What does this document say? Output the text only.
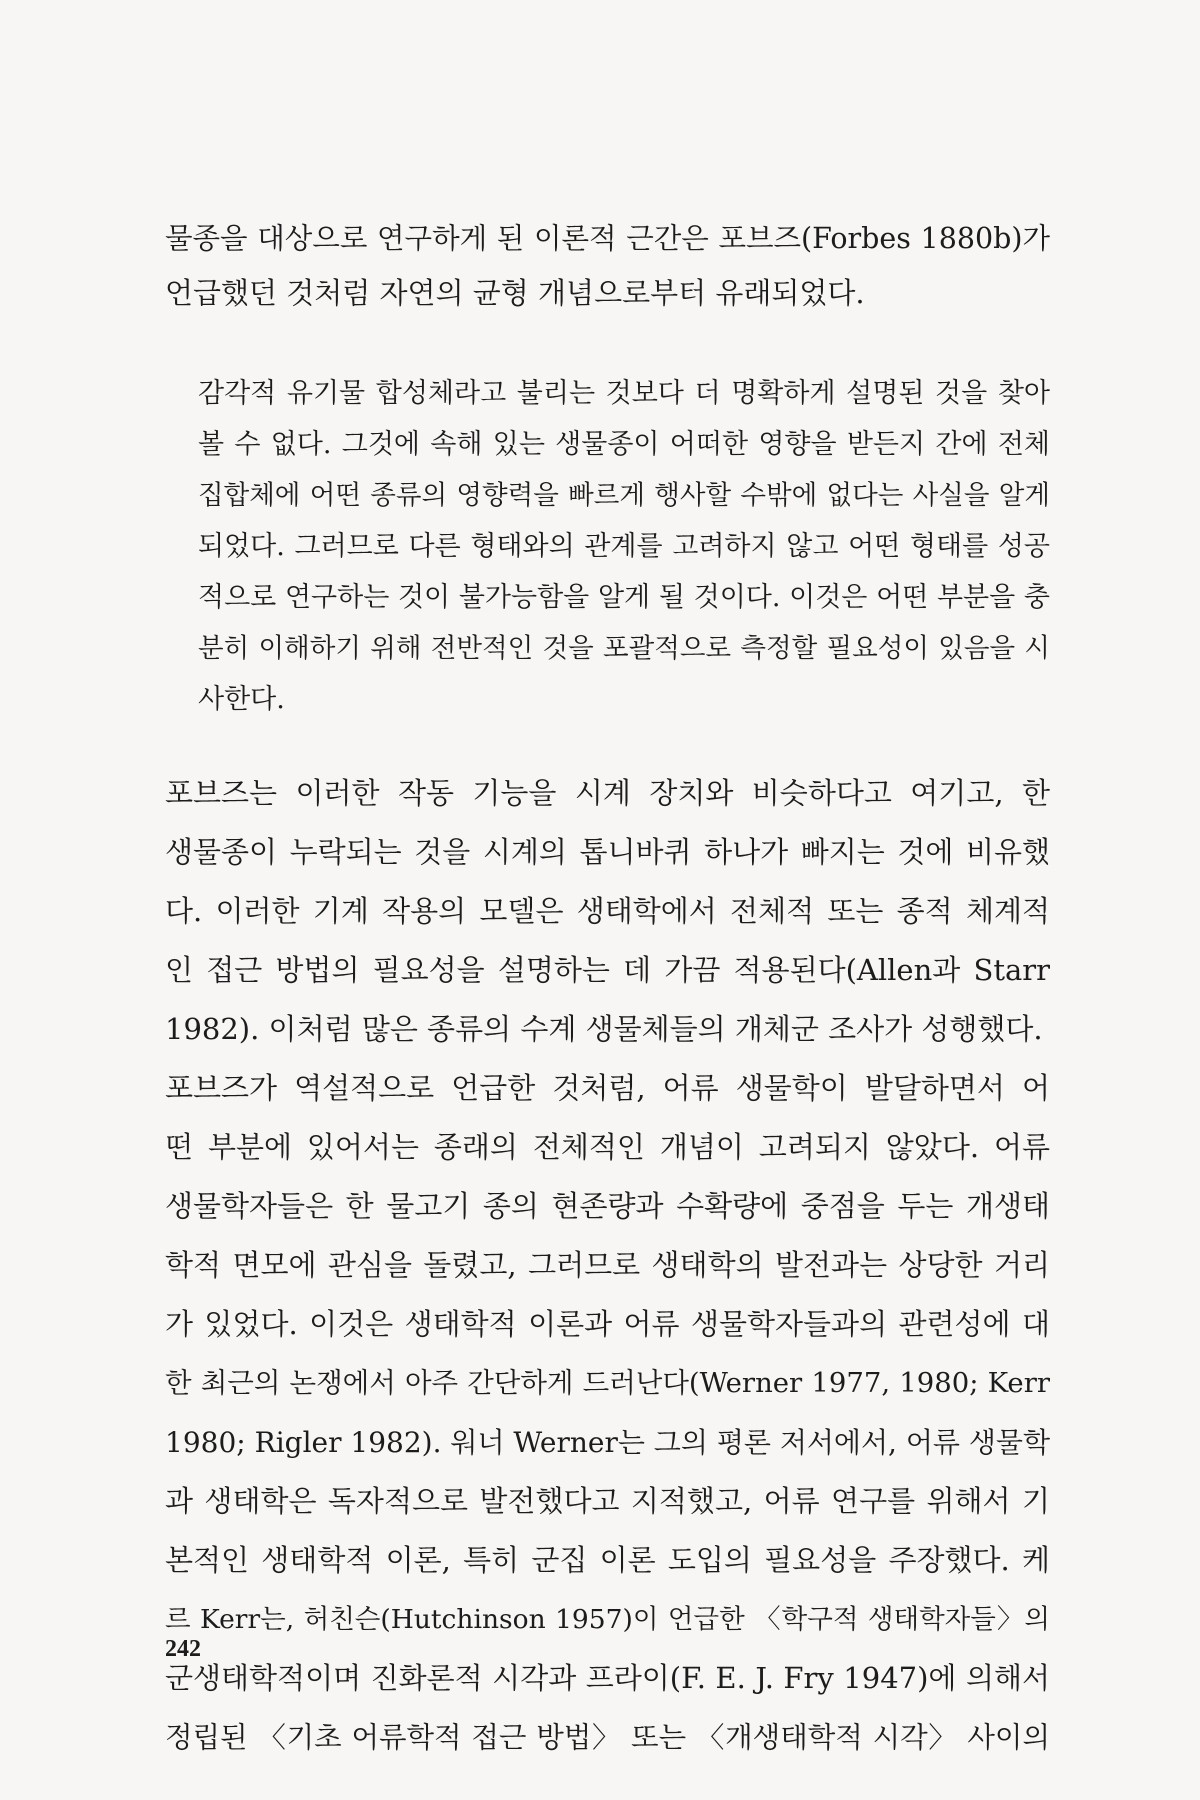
물종을 대상으로 연구하게 된 이론적 근간은 포브즈(Forbes 1880b)가
언급했던 것처럼 자연의 균형 개념으로부터 유래되었다.
감각적 유기물 합성체라고 불리는 것보다 더 명확하게 설명된 것을 찾아
볼 수 없다. 그것에 속해 있는 생물종이 어떠한 영향을 받든지 간에 전체
집합체에 어떤 종류의 영향력을 빠르게 행사할 수밖에 없다는 사실을 알게
되었다. 그러므로 다른 형태와의 관계를 고려하지 않고 어떤 형태를 성공
적으로 연구하는 것이 불가능함을 알게 될 것이다. 이것은 어떤 부분을 충
분히 이해하기 위해 전반적인 것을 포괄적으로 측정할 필요성이 있음을 시
사한다.
포브즈는 이러한 작동 기능을 시계 장치와 비슷하다고 여기고, 한
생물종이 누락되는 것을 시계의 톱니바퀴 하나가 빠지는 것에 비유했
다. 이러한 기계 작용의 모델은 생태학에서 전체적 또는 종적 체계적
인 접근 방법의 필요성을 설명하는 데 가끔 적용된다(Allen과 Starr
1982). 이처럼 많은 종류의 수계 생물체들의 개체군 조사가 성행했다.
포브즈가 역설적으로 언급한 것처럼, 어류 생물학이 발달하면서 어
떤 부분에 있어서는 종래의 전체적인 개념이 고려되지 않았다. 어류
생물학자들은 한 물고기 종의 현존량과 수확량에 중점을 두는 개생태
학적 면모에 관심을 돌렸고, 그러므로 생태학의 발전과는 상당한 거리
가 있었다. 이것은 생태학적 이론과 어류 생물학자들과의 관련성에 대
한 최근의 논쟁에서 아주 간단하게 드러난다(Werner 1977, 1980; Kerr
1980; Rigler 1982). 워너 Werner는 그의 평론 저서에서, 어류 생물학
과 생태학은 독자적으로 발전했다고 지적했고, 어류 연구를 위해서 기
본적인 생태학적 이론, 특히 군집 이론 도입의 필요성을 주장했다. 케
르 Kerr는, 허친슨(Hutchinson 1957)이 언급한 〈학구적 생태학자들〉의
군생태학적이며 진화론적 시각과 프라이(F. E. J. Fry 1947)에 의해서
정립된 〈기초 어류학적 접근 방법〉 또는 〈개생태학적 시각〉 사이의
242
